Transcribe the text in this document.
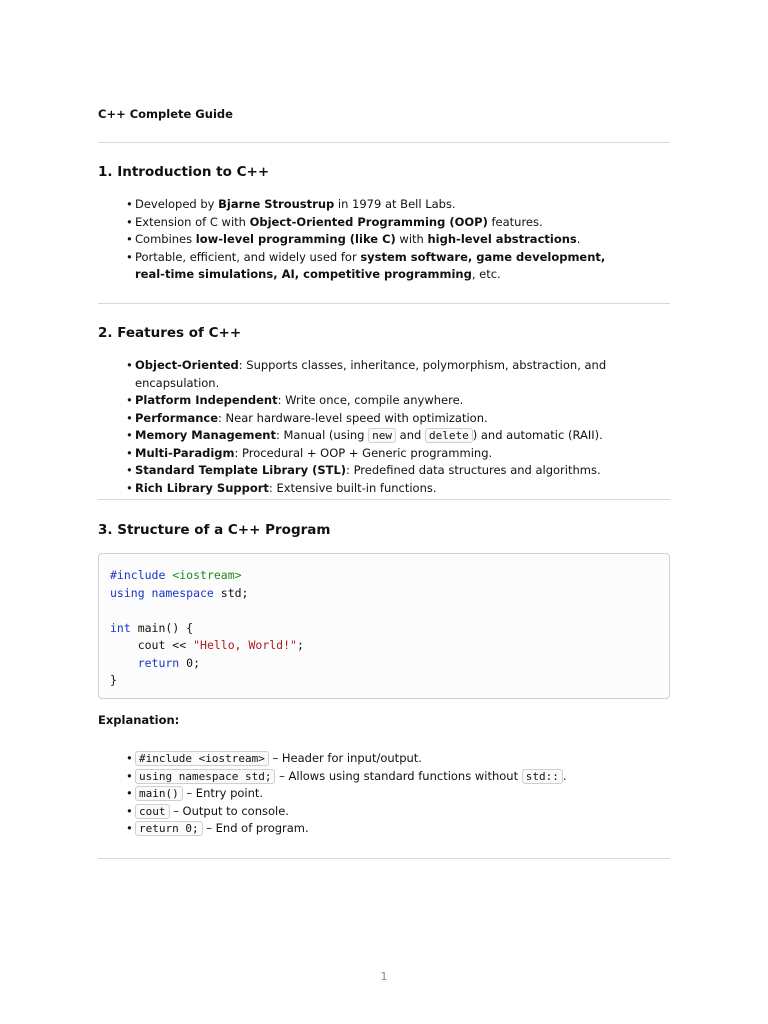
C++ Complete Guide

1. Introduction to C++
• Developed by Bjarne Stroustrup in 1979 at Bell Labs.
• Extension of C with Object-Oriented Programming (OOP) features.
• Combines low-level programming (like C) with high-level abstractions.
• Portable, efficient, and widely used for system software, game development, real-time simulations, AI, competitive programming, etc.
2. Features of C++
• Object-Oriented: Supports classes, inheritance, polymorphism, abstraction, and encapsulation.
• Platform Independent: Write once, compile anywhere.
• Performance: Near hardware-level speed with optimization.
• Memory Management: Manual (using new and delete ) and automatic (RAII).
• Multi-Paradigm: Procedural + OOP + Generic programming.
• Standard Template Library (STL): Predefined data structures and algorithms.
• Rich Library Support: Extensive built-in functions.
3. Structure of a C++ Program
#include <iostream>
using namespace std;

int main() {
cout << "Hello, World!";
return 0;
}

Explanation:

• #include <iostream> – Header for input/output.
• using namespace std; – Allows using standard functions without std:: .
• main() – Entry point.
• cout – Output to console.
• return 0; – End of program.
1
